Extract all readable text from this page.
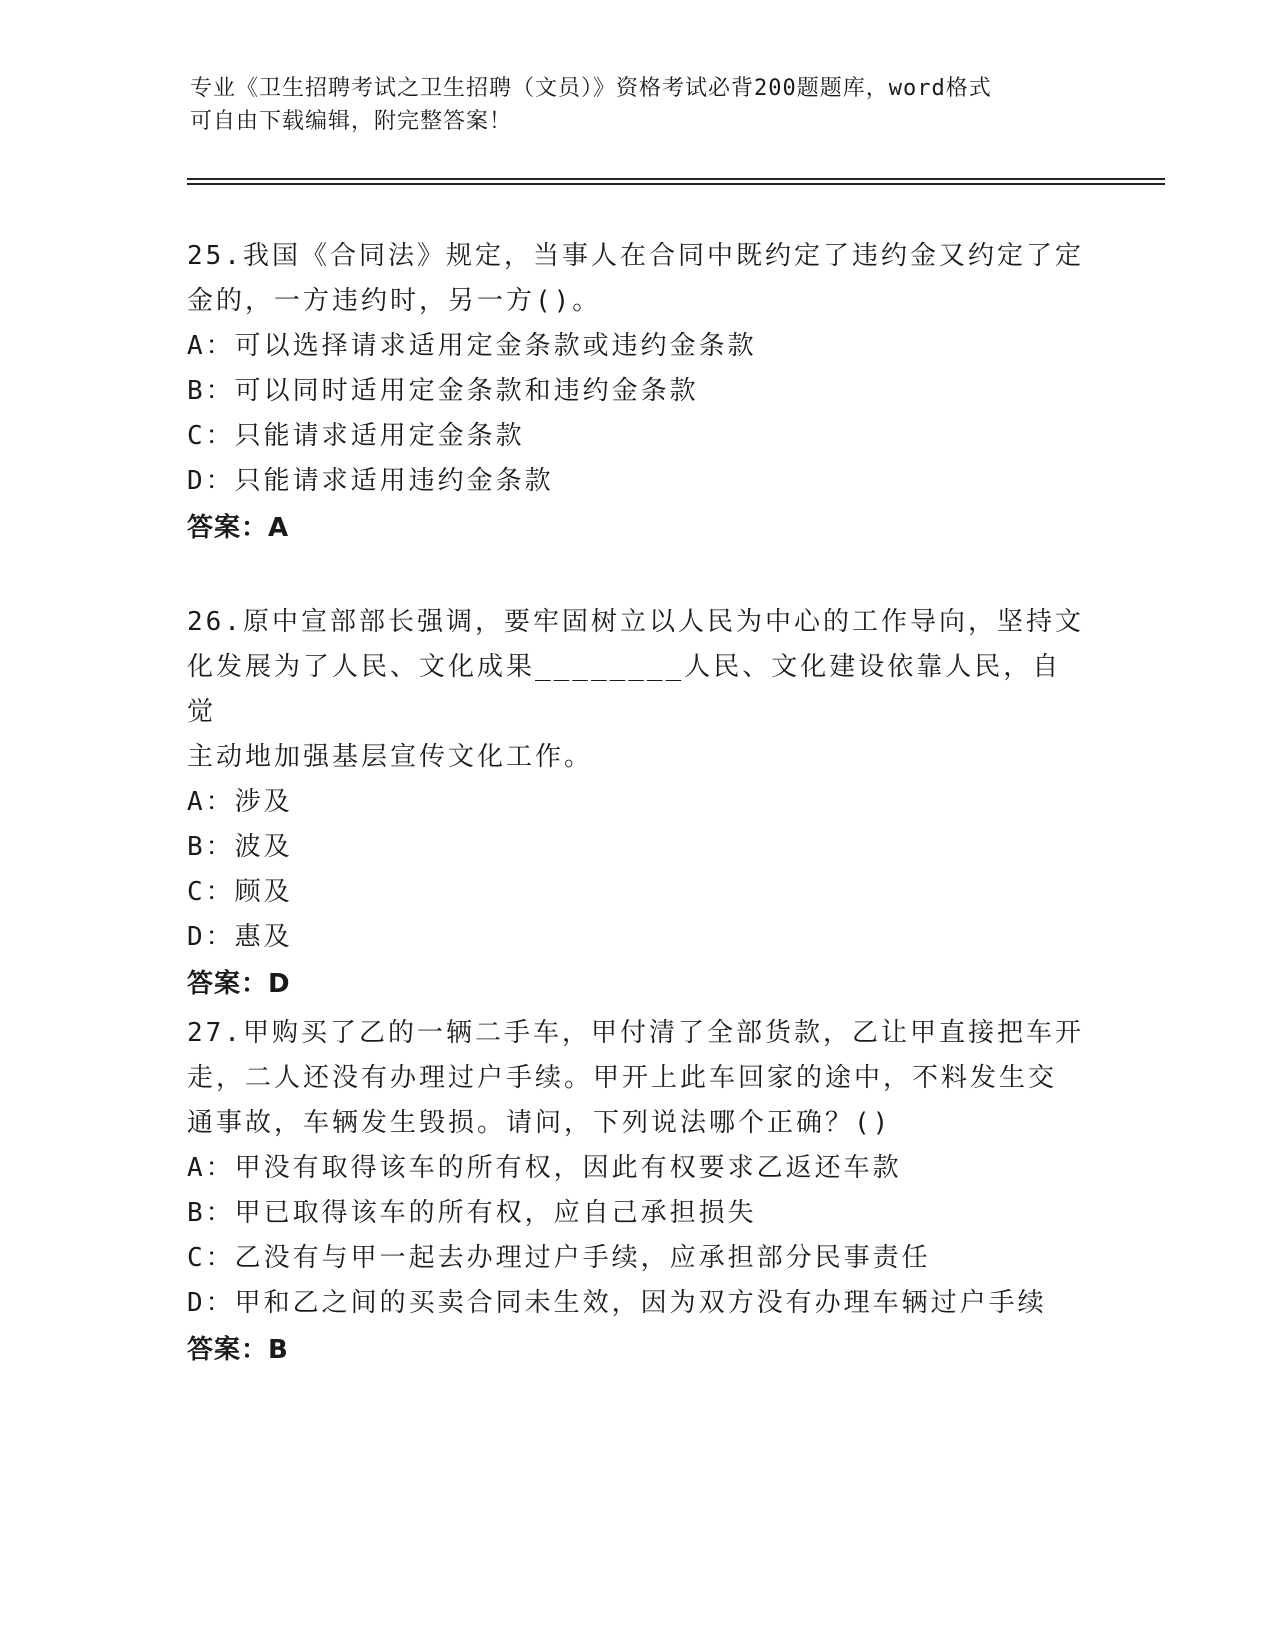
专业《卫生招聘考试之卫生招聘（文员）》资格考试必背200题题库，word格式
可自由下载编辑，附完整答案！

25.我国《合同法》规定，当事人在合同中既约定了违约金又约定了定

金的，一方违约时，另一方()。

A：可以选择请求适用定金条款或违约金条款

B：可以同时适用定金条款和违约金条款

C：只能请求适用定金条款

D：只能请求适用违约金条款

答案：A

26.原中宣部部长强调，要牢固树立以人民为中心的工作导向，坚持文

化发展为了人民、文化成果________人民、文化建设依靠人民，自觉

主动地加强基层宣传文化工作。

A：涉及

B：波及

C：顾及

D：惠及

答案：D

27.甲购买了乙的一辆二手车，甲付清了全部货款，乙让甲直接把车开

走，二人还没有办理过户手续。甲开上此车回家的途中，不料发生交

通事故，车辆发生毁损。请问，下列说法哪个正确？()

A：甲没有取得该车的所有权，因此有权要求乙返还车款

B：甲已取得该车的所有权，应自己承担损失

C：乙没有与甲一起去办理过户手续，应承担部分民事责任

D：甲和乙之间的买卖合同未生效，因为双方没有办理车辆过户手续

答案：B
